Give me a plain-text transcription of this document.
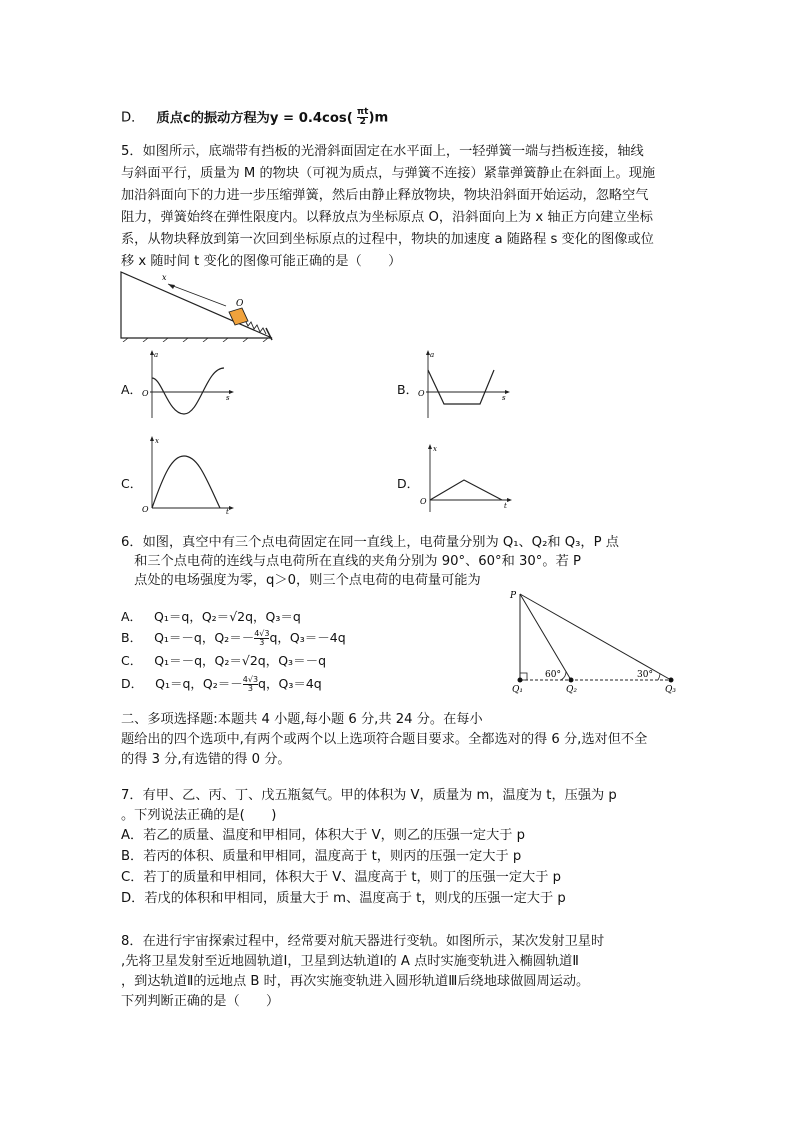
D． 质点c的振动方程为$y = 0.4\cos( \frac{\pi t}{2} )m$
5．如图所示，底端带有挡板的光滑斜面固定在水平面上，一轻弹簧一端与挡板连接，轴线
与斜面平行，质量为 M 的物块（可视为质点，与弹簧不连接）紧靠弹簧静止在斜面上。现施
加沿斜面向下的力进一步压缩弹簧，然后由静止释放物块，物块沿斜面开始运动，忽略空气
阻力，弹簧始终在弹性限度内。以释放点为坐标原点 O，沿斜面向上为 x 轴正方向建立坐标
系，从物块释放到第一次回到坐标原点的过程中，物块的加速度 a 随路程 s 变化的图像或位
移 x 随时间 t 变化的图像可能正确的是（　　）
x
O
A．
a
s
O	B．
a
s
O
C．
x
t
O
D．
x
t
O
6．如图，真空中有三个点电荷固定在同一直线上，电荷量分别为 Q₁、Q₂和 Q₃，P 点
　和三个点电荷的连线与点电荷所在直线的夹角分别为 90°、60°和 30°。若 P
　点处的电场强度为零，q＞0，则三个点电荷的电荷量可能为
A． Q₁＝q，Q₂＝√2q，Q₃＝q
B． Q₁＝－q，$Q_2=- \frac{4√3}{3}$ q，Q₃＝－4q
C． Q₁＝－q，Q₂＝√2q，Q₃＝－q
D． Q₁＝q，$Q_2=- \frac{4√3}{3}$ q，Q₃＝4q
P
Q₁	Q₂	Q₃
60°	30°
二、多项选择题:本题共 4 小题,每小题 6 分,共 24 分。在每小
题给出的四个选项中,有两个或两个以上选项符合题目要求。全都选对的得 6 分,选对但不全
的得 3 分,有选错的得 0 分。
7．有甲、乙、丙、丁、戊五瓶氦气。甲的体积为 V，质量为 m，温度为 t，压强为 p
。下列说法正确的是(　　)
A．若乙的质量、温度和甲相同，体积大于 V，则乙的压强一定大于 p
B．若丙的体积、质量和甲相同，温度高于 t，则丙的压强一定大于 p
C．若丁的质量和甲相同，体积大于 V、温度高于 t，则丁的压强一定大于 p
D．若戊的体积和甲相同，质量大于 m、温度高于 t，则戊的压强一定大于 p
8．在进行宇宙探索过程中，经常要对航天器进行变轨。如图所示，某次发射卫星时
,先将卫星发射至近地圆轨道Ⅰ，卫星到达轨道Ⅰ的 A 点时实施变轨进入椭圆轨道Ⅱ
，到达轨道Ⅱ的远地点 B 时，再次实施变轨进入圆形轨道Ⅲ后绕地球做圆周运动。
下列判断正确的是（　　）
